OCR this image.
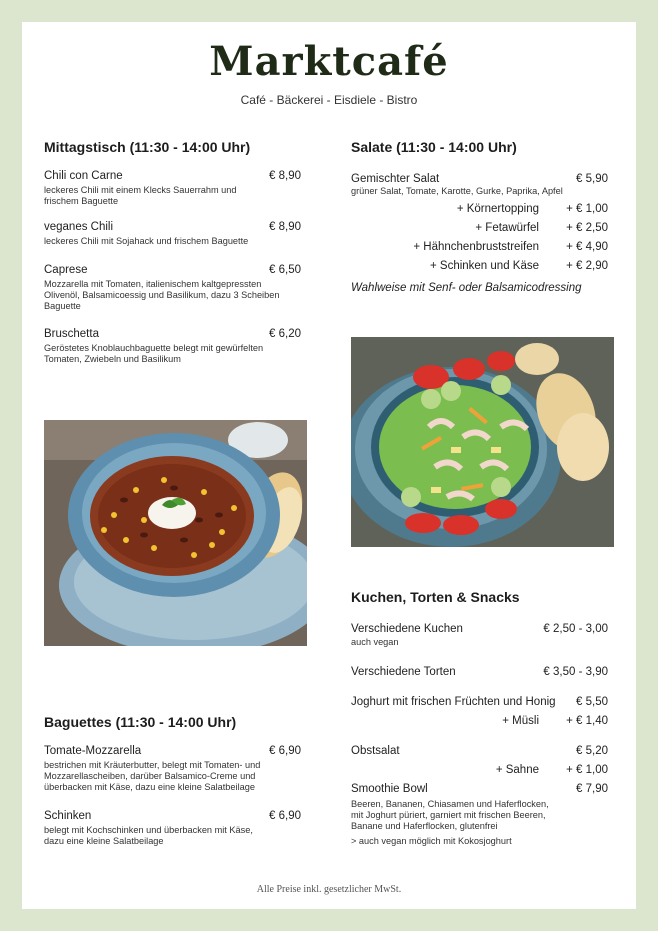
Marktcafé
Café - Bäckerei - Eisdiele - Bistro
Mittagstisch (11:30 - 14:00 Uhr)
Chili con Carne	€ 8,90
leckeres Chili mit einem Klecks Sauerrahm und
frischem Baguette
veganes Chili	€ 8,90
leckeres Chili mit Sojahack und frischem Baguette
Caprese	€ 6,50
Mozzarella mit Tomaten, italienischem kaltgepressten
Olivenöl, Balsamicoessig und Basilikum, dazu 3 Scheiben
Baguette
Bruschetta	€ 6,20
Geröstetes Knoblauchbaguette belegt mit gewürfelten
Tomaten, Zwiebeln und Basilikum
Salate (11:30 - 14:00 Uhr)
Gemischter Salat	€ 5,90
grüner Salat, Tomate, Karotte, Gurke, Paprika, Apfel
+ Körnertopping	+ € 1,00
+ Fetawürfel	+ € 2,50
+ Hähnchenbruststreifen	+ € 4,90
+ Schinken und Käse	+ € 2,90
Wahlweise mit Senf- oder Balsamicodressing
Kuchen, Torten & Snacks
Verschiedene Kuchen	€ 2,50 - 3,00
auch vegan
Verschiedene Torten	€ 3,50 - 3,90
Joghurt mit frischen Früchten und Honig	€ 5,50
+ Müsli	+ € 1,40
Obstsalat	€ 5,20
+ Sahne	+ € 1,00
Smoothie Bowl	€ 7,90
Beeren, Bananen, Chiasamen und Haferflocken,
mit Joghurt püriert, garniert mit frischen Beeren,
Banane und Haferflocken, glutenfrei
> auch vegan möglich mit Kokosjoghurt
Baguettes (11:30 - 14:00 Uhr)
Tomate-Mozzarella	€ 6,90
bestrichen mit Kräuterbutter, belegt mit Tomaten- und
Mozzarellascheiben, darüber Balsamico-Creme und
überbacken mit Käse, dazu eine kleine Salatbeilage
Schinken	€ 6,90
belegt mit Kochschinken und überbacken mit Käse,
dazu eine kleine Salatbeilage
Alle Preise inkl. gesetzlicher MwSt.
